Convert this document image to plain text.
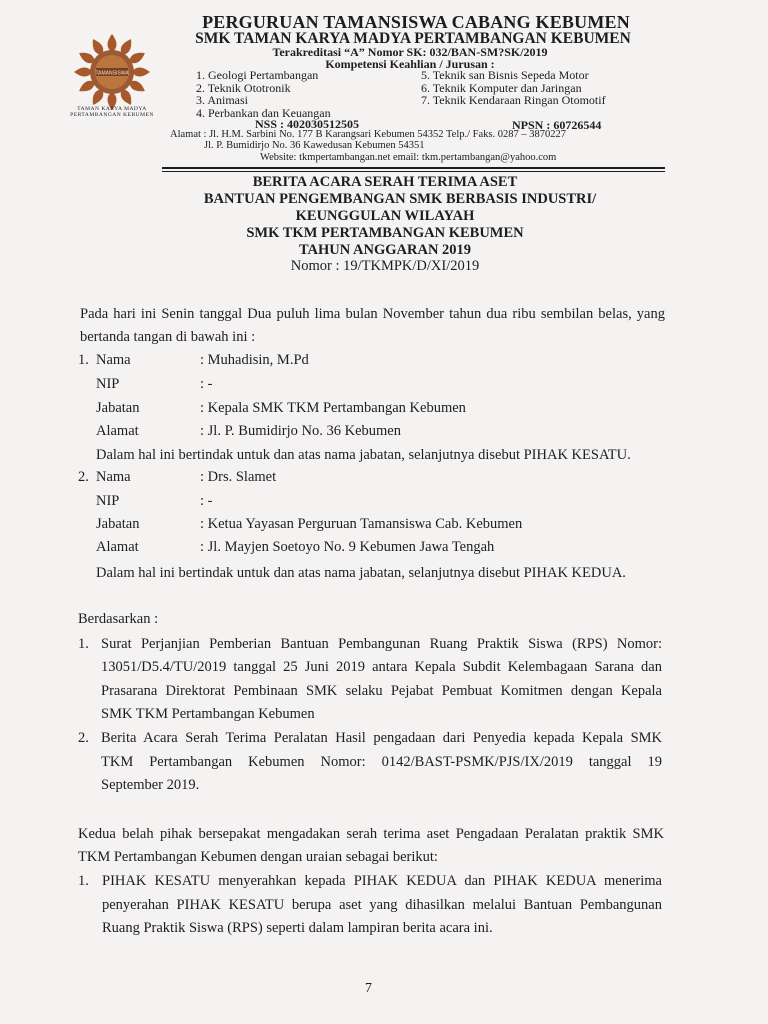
TAMANSISWA
TAMAN KARYA MADYA
PERTAMBANGAN KEBUMEN
PERGURUAN TAMANSISWA CABANG KEBUMEN
SMK TAMAN KARYA MADYA PERTAMBANGAN KEBUMEN
Terakreditasi “A” Nomor SK: 032/BAN-SM?SK/2019
Kompetensi Keahlian / Jurusan :
1. Geologi Pertambangan
2. Teknik Ototronik
3. Animasi
4. Perbankan dan Keuangan
5. Teknik san Bisnis Sepeda Motor
6. Teknik Komputer dan Jaringan
7. Teknik Kendaraan Ringan Otomotif
NSS : 402030512505	NPSN : 60726544
Alamat : Jl. H.M. Sarbini No. 177 B Karangsari Kebumen 54352 Telp./ Faks. 0287 – 3870227
Jl. P. Bumidirjo No. 36 Kawedusan Kebumen 54351
Website: tkmpertambangan.net email: tkm.pertambangan@yahoo.com
BERITA ACARA SERAH TERIMA ASET
BANTUAN PENGEMBANGAN SMK BERBASIS INDUSTRI/
KEUNGGULAN WILAYAH
SMK TKM PERTAMBANGAN KEBUMEN
TAHUN ANGGARAN 2019
Nomor : 19/TKMPK/D/XI/2019
Pada hari ini Senin tanggal Dua puluh lima bulan November tahun dua ribu sembilan belas, yang
bertanda tangan di bawah ini :
1. Nama	: Muhadisin, M.Pd
NIP	: -
Jabatan	: Kepala SMK TKM Pertambangan Kebumen
Alamat	: Jl. P. Bumidirjo No. 36 Kebumen
Dalam hal ini bertindak untuk dan atas nama jabatan, selanjutnya disebut PIHAK KESATU.
2. Nama	: Drs. Slamet
NIP	: -
Jabatan	: Ketua Yayasan Perguruan Tamansiswa Cab. Kebumen
Alamat	: Jl. Mayjen Soetoyo No. 9 Kebumen Jawa Tengah
Dalam hal ini bertindak untuk dan atas nama jabatan, selanjutnya disebut PIHAK KEDUA.
Berdasarkan :
1. Surat Perjanjian Pemberian Bantuan Pembangunan Ruang Praktik Siswa (RPS) Nomor:
13051/D5.4/TU/2019 tanggal 25 Juni 2019 antara Kepala Subdit Kelembagaan Sarana dan
Prasarana Direktorat Pembinaan SMK selaku Pejabat Pembuat Komitmen dengan Kepala
SMK TKM Pertambangan Kebumen
2. Berita Acara Serah Terima Peralatan Hasil pengadaan dari Penyedia kepada Kepala SMK
TKM Pertambangan Kebumen Nomor: 0142/BAST-PSMK/PJS/IX/2019 tanggal 19
September 2019.
Kedua belah pihak bersepakat mengadakan serah terima aset Pengadaan Peralatan praktik SMK
TKM Pertambangan Kebumen dengan uraian sebagai berikut:
1. PIHAK KESATU menyerahkan kepada PIHAK KEDUA dan PIHAK KEDUA menerima
penyerahan PIHAK KESATU berupa aset yang dihasilkan melalui Bantuan Pembangunan
Ruang Praktik Siswa (RPS) seperti dalam lampiran berita acara ini.
7
